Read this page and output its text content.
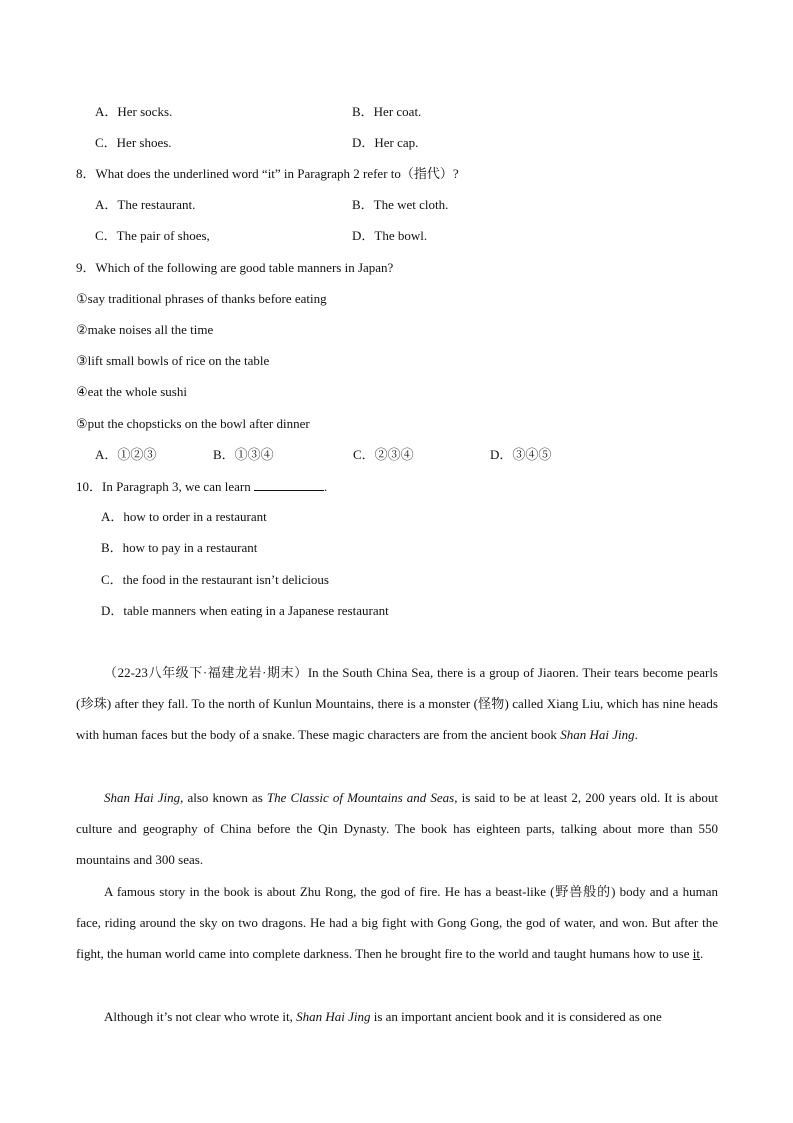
A．Her socks.	B．Her coat.
C．Her shoes.	D．Her cap.
8．What does the underlined word “it” in Paragraph 2 refer to（指代）?
A．The restaurant.	B．The wet cloth.
C．The pair of shoes,	D．The bowl.
9．Which of the following are good table manners in Japan?
①say traditional phrases of thanks before eating
②make noises all the time
③lift small bowls of rice on the table
④eat the whole sushi
⑤put the chopsticks on the bowl after dinner
A．①②③	B．①③④	C．②③④	D．③④⑤
10．In Paragraph 3, we can learn	.
A．how to order in a restaurant
B．how to pay in a restaurant
C．the food in the restaurant isn’t delicious
D．table manners when eating in a Japanese restaurant
（22-23八年级下·福建龙岩·期末）In the South China Sea, there is a group of Jiaoren. Their tears become pearls (珍珠) after they fall. To the north of Kunlun Mountains, there is a monster (怪物) called Xiang Liu, which has nine heads with human faces but the body of a snake. These magic characters are from the ancient book Shan Hai Jing.
Shan Hai Jing, also known as The Classic of Mountains and Seas, is said to be at least 2, 200 years old. It is about culture and geography of China before the Qin Dynasty. The book has eighteen parts, talking about more than 550 mountains and 300 seas.
A famous story in the book is about Zhu Rong, the god of fire. He has a beast-like (野兽般的) body and a human face, riding around the sky on two dragons. He had a big fight with Gong Gong, the god of water, and won. But after the fight, the human world came into complete darkness. Then he brought fire to the world and taught humans how to use it.
Although it’s not clear who wrote it, Shan Hai Jing is an important ancient book and it is considered as one
